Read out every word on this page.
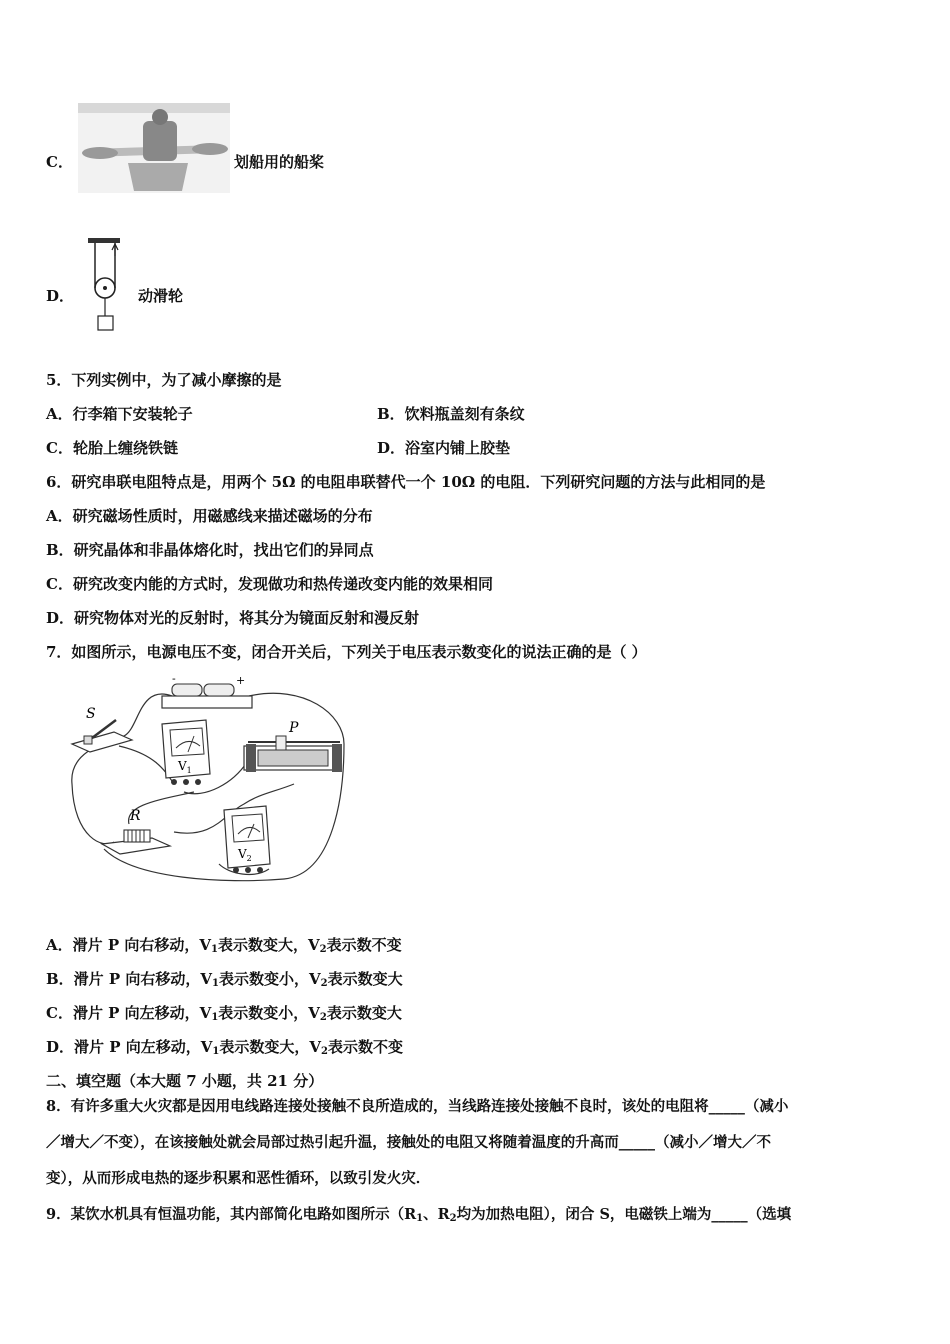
C．	划船用的船桨
D．	动滑轮
5．下列实例中，为了减小摩擦的是
A．行李箱下安装轮子	B．饮料瓶盖刻有条纹
C．轮胎上缠绕铁链	D．浴室内铺上胶垫
6．研究串联电阻特点是，用两个 5Ω 的电阻串联替代一个 10Ω 的电阻．下列研究问题的方法与此相同的是
A．研究磁场性质时，用磁感线来描述磁场的分布
B．研究晶体和非晶体熔化时，找出它们的异同点
C．研究改变内能的方式时，发现做功和热传递改变内能的效果相同
D．研究物体对光的反射时，将其分为镜面反射和漫反射
7．如图所示，电源电压不变，闭合开关后，下列关于电压表示数变化的说法正确的是（ ）
-	+
S
$V_1$
P
R
$V_2$
A．滑片 P 向右移动，$V_1$表示数变大，$V_2$表示数不变
B．滑片 P 向右移动，$V_1$表示数变小，$V_2$表示数变大
C．滑片 P 向左移动，$V_1$表示数变小，$V_2$表示数变大
D．滑片 P 向左移动，$V_1$表示数变大，$V_2$表示数不变
二、填空题（本大题 7 小题，共 21 分）
8．有许多重大火灾都是因用电线路连接处接触不良所造成的，当线路连接处接触不良时，该处的电阻将_____（减小
／增大／不变），在该接触处就会局部过热引起升温，接触处的电阻又将随着温度的升高而_____（减小／增大／不
变），从而形成电热的逐步积累和恶性循环，以致引发火灾．
9．某饮水机具有恒温功能，其内部简化电路如图所示（$R_1$、$R_2$均为加热电阻），闭合 S，电磁铁上端为_____（选填
